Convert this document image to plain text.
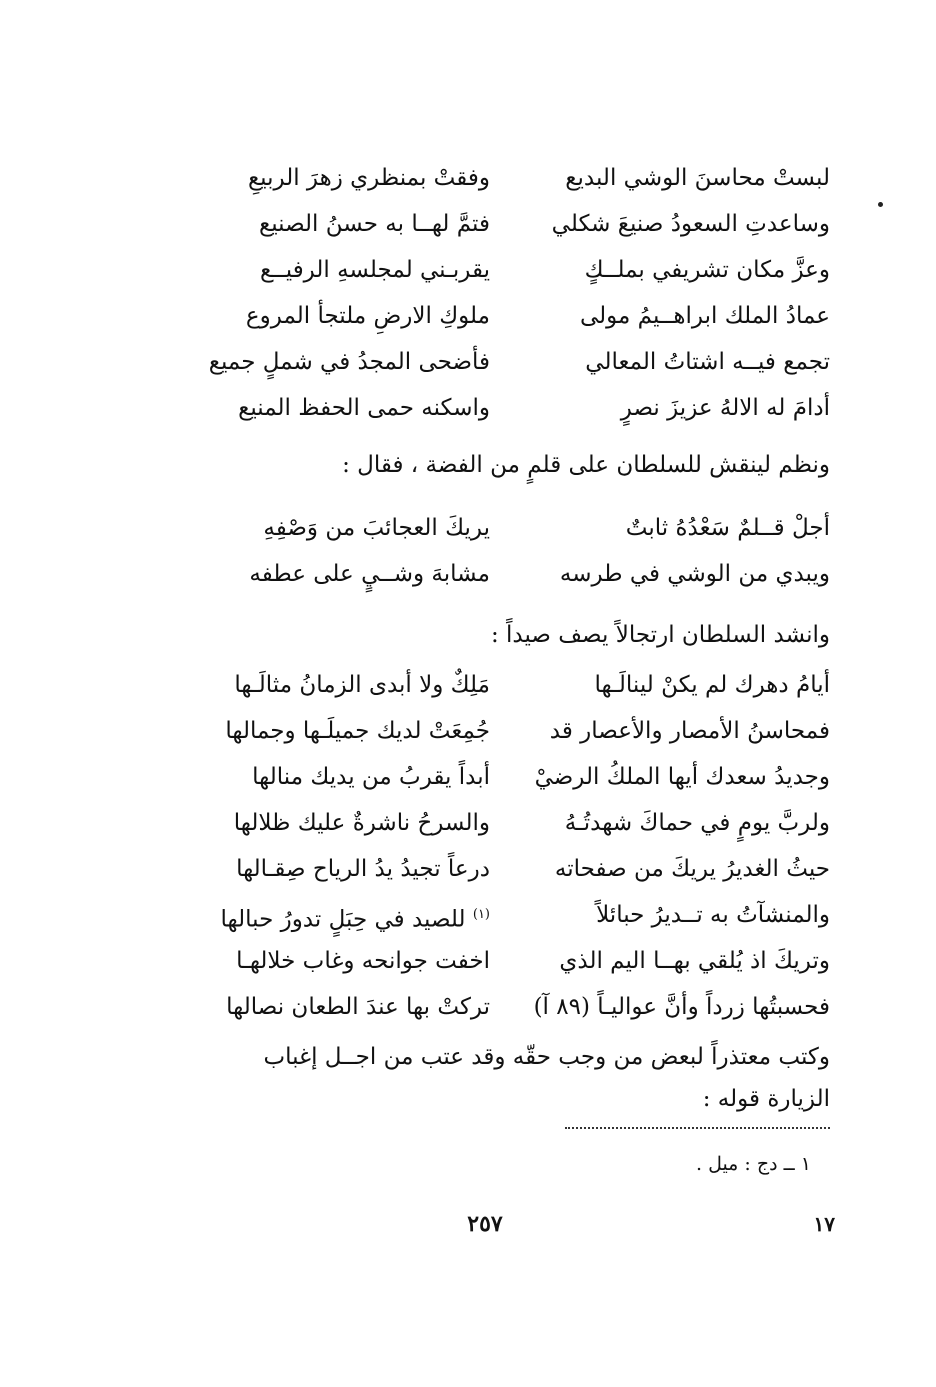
لبستْ محاسنَ الوشي البديع
وفقتْ بمنظري زهرَ الربيعِ
وساعدتِ السعودُ صنيعَ شكلي
فتمَّ لهــا به حسنُ الصنيع
وعزَّ مكان تشريفي بملــكٍ
يقربـني لمجلسهِ الرفيــع
عمادُ الملك ابراهــيمُ مولى
ملوكِ الارضِ ملتجأ المروع
تجمع فيــه اشتاتُ المعالي
فأضحى المجدُ في شملٍ جميع
أدامَ له الالهُ عزيزَ نصرٍ
واسكنه حمى الحفظ المنيع
ونظم لينقش للسلطان على قلمٍ من الفضة ، فقال :
أجلْ قــلمٌ سَعْدُهُ ثابتٌ
يريكَ العجائبَ من وَصْفِهِ
ويبدي من الوشي في طرسه
مشابهَ وشــيٍ على عطفه
وانشد السلطان ارتجالاً يصف صيداً :
أيامُ دهرك لم يكنْ لينالَـها
مَلِكٌ ولا أبدى الزمانُ مثالَـها
فمحاسنُ الأمصار والأعصار قد
جُمِعَتْ لديك جميلَـها وجمالها
وجديدُ سعدك أيها الملكُ الرضيْ
أبداً يقربُ من يديك منالها
ولربَّ يومٍ في حماكَ شهدتُـهُ
والسرحُ ناشرةٌ عليك ظلالها
حيثُ الغديرُ يريكَ من صفحاته
درعاً تجيدُ يدُ الرياح صِقـالها
والمنشآتُ به تــديرُ حبائلاً
$^{(١)}$ للصيد في حِبَلٍ تدورُ حبالها
وتريكَ اذ يُلقي بهــا اليم الذي
اخفت جوانحه وغاب خلالهـا
فحسبتُها زرداً وأنَّ عواليـاً (٨٩ آ)
تركتْ بها عندَ الطعان نصالها
وكتب معتذراً لبعض من وجب حقّه وقد عتب من اجــل إغباب
الزيارة قوله :
١ ــ دج : ميل .
٢٥٧	١٧
